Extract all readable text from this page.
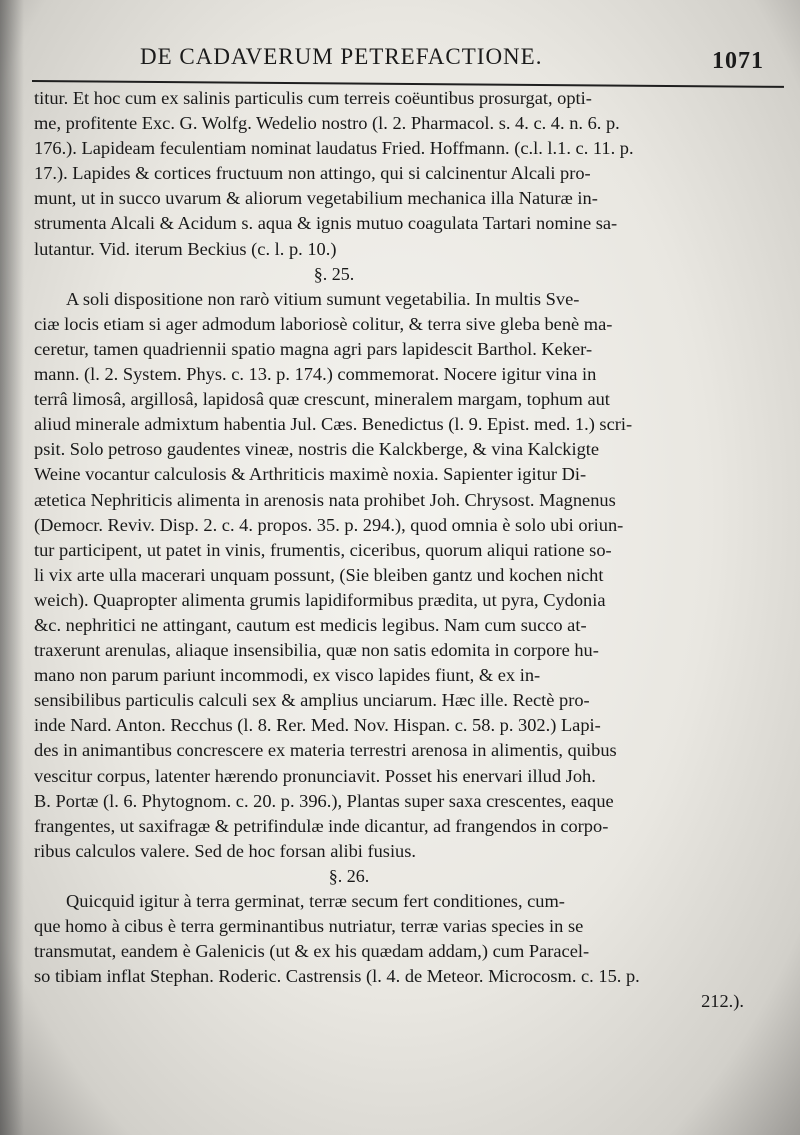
DE CADAVERUM PETREFACTIONE.	1071
titur. Et hoc cum ex salinis particulis cum terreis coëuntibus prosurgat, opti-
me, profitente Exc. G. Wolfg. Wedelio nostro (l. 2. Pharmacol. s. 4. c. 4. n. 6. p.
176.). Lapideam feculentiam nominat laudatus Fried. Hoffmann. (c.l. l.1. c. 11. p.
17.). Lapides & cortices fructuum non attingo, qui si calcinentur Alcali pro-
munt, ut in succo uvarum & aliorum vegetabilium mechanica illa Naturæ in-
strumenta Alcali & Acidum s. aqua & ignis mutuo coagulata Tartari nomine sa-
lutantur. Vid. iterum Beckius (c. l. p. 10.)
§. 25.
A soli dispositione non rarò vitium sumunt vegetabilia. In multis Sve-
ciæ locis etiam si ager admodum laboriosè colitur, & terra sive gleba benè ma-
ceretur, tamen quadriennii spatio magna agri pars lapidescit Barthol. Keker-
mann. (l. 2. System. Phys. c. 13. p. 174.) commemorat. Nocere igitur vina in
terrâ limosâ, argillosâ, lapidosâ quæ crescunt, mineralem margam, tophum aut
aliud minerale admixtum habentia Jul. Cæs. Benedictus (l. 9. Epist. med. 1.) scri-
psit. Solo petroso gaudentes vineæ, nostris die Kalckberge, & vina Kalckigte
Weine vocantur calculosis & Arthriticis maximè noxia. Sapienter igitur Di-
ætetica Nephriticis alimenta in arenosis nata prohibet Joh. Chrysost. Magnenus
(Democr. Reviv. Disp. 2. c. 4. propos. 35. p. 294.), quod omnia è solo ubi oriun-
tur participent, ut patet in vinis, frumentis, ciceribus, quorum aliqui ratione so-
li vix arte ulla macerari unquam possunt, (Sie bleiben gantz und kochen nicht
weich). Quapropter alimenta grumis lapidiformibus prædita, ut pyra, Cydonia
&c. nephritici ne attingant, cautum est medicis legibus. Nam cum succo at-
traxerunt arenulas, aliaque insensibilia, quæ non satis edomita in corpore hu-
mano non parum pariunt incommodi, ex visco lapides fiunt, & ex in-
sensibilibus particulis calculi sex & amplius unciarum. Hæc ille. Rectè pro-
inde Nard. Anton. Recchus (l. 8. Rer. Med. Nov. Hispan. c. 58. p. 302.) Lapi-
des in animantibus concrescere ex materia terrestri arenosa in alimentis, quibus
vescitur corpus, latenter hærendo pronunciavit. Posset his enervari illud Joh.
B. Portæ (l. 6. Phytognom. c. 20. p. 396.), Plantas super saxa crescentes, eaque
frangentes, ut saxifragæ & petrifindulæ inde dicantur, ad frangendos in corpo-
ribus calculos valere. Sed de hoc forsan alibi fusius.
§. 26.
Quicquid igitur à terra germinat, terræ secum fert conditiones, cum-
que homo à cibus è terra germinantibus nutriatur, terræ varias species in se
transmutat, eandem è Galenicis (ut & ex his quædam addam,) cum Paracel-
so tibiam inflat Stephan. Roderic. Castrensis (l. 4. de Meteor. Microcosm. c. 15. p.
212.).
